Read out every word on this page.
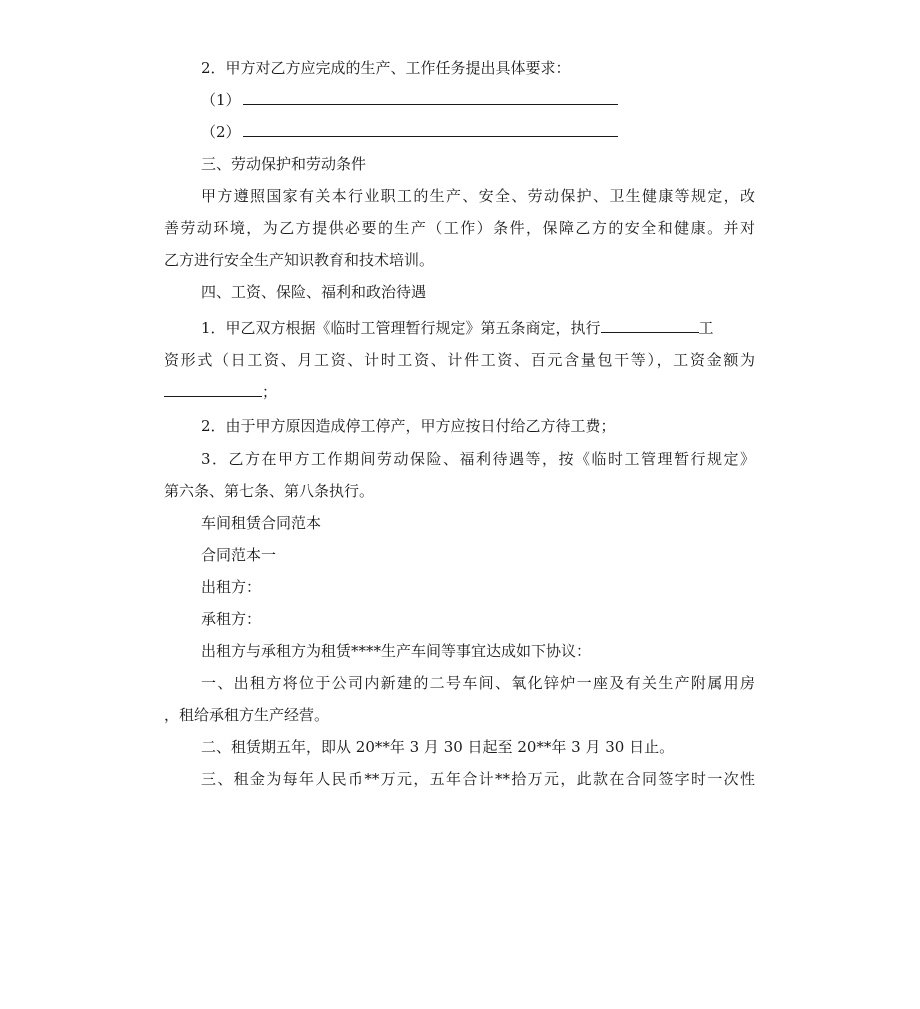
2．甲方对乙方应完成的生产、工作任务提出具体要求：
（1）
（2）
三、劳动保护和劳动条件
甲方遵照国家有关本行业职工的生产、安全、劳动保护、卫生健康等规定，改
善劳动环境，为乙方提供必要的生产（工作）条件，保障乙方的安全和健康。并对
乙方进行安全生产知识教育和技术培训。
四、工资、保险、福利和政治待遇
1．甲乙双方根据《临时工管理暂行规定》第五条商定，执行	工
资形式（日工资、月工资、计时工资、计件工资、百元含量包干等），工资金额为
；
2．由于甲方原因造成停工停产，甲方应按日付给乙方待工费；
3．乙方在甲方工作期间劳动保险、福利待遇等，按《临时工管理暂行规定》
第六条、第七条、第八条执行。
车间租赁合同范本
合同范本一
出租方：
承租方：
出租方与承租方为租赁****生产车间等事宜达成如下协议：
一、出租方将位于公司内新建的二号车间、氧化锌炉一座及有关生产附属用房
，租给承租方生产经营。
二、租赁期五年，即从 20**年 3 月 30 日起至 20**年 3 月 30 日止。
三、租金为每年人民币**万元，五年合计**拾万元，此款在合同签字时一次性
